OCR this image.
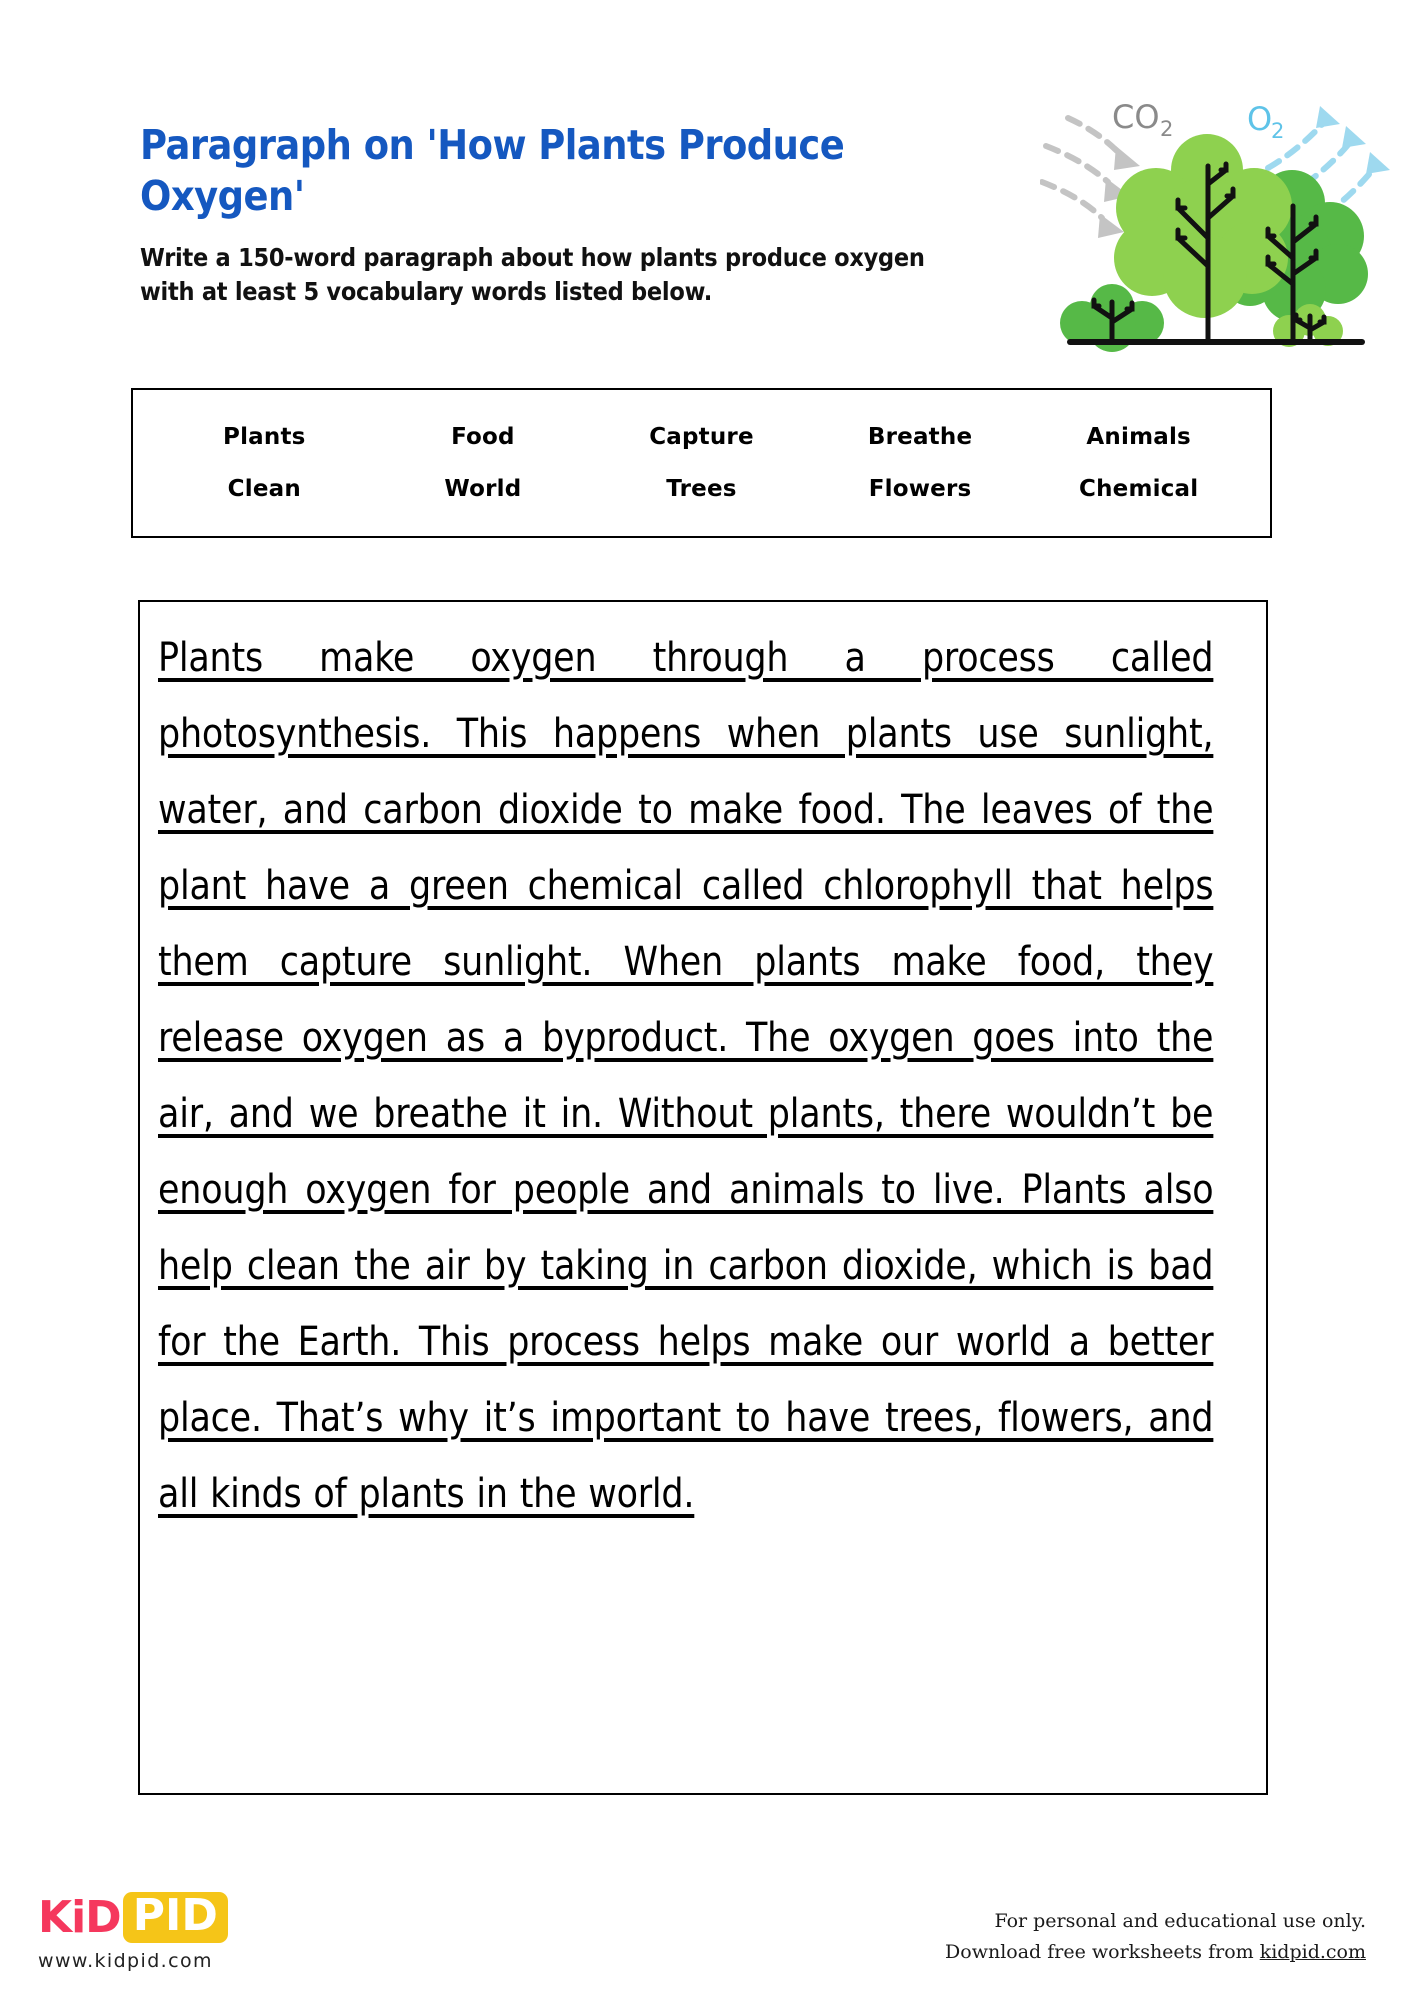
Paragraph on 'How Plants Produce Oxygen'
Write a 150-word paragraph about how plants produce oxygen with at least 5 vocabulary words listed below.
CO 2 O
2
Plants	Food	Capture	Breathe	Animals
Clean	World	Trees	Flowers	Chemical
Plants make oxygen through a process called photosynthesis. This happens when plants use sunlight, water, and carbon dioxide to make food. The leaves of the plant have a green chemical called chlorophyll that helps them capture sunlight. When plants make food, they release oxygen as a byproduct. The oxygen goes into the air, and we breathe it in. Without plants, there wouldn’t be enough oxygen for people and animals to live. Plants also help clean the air by taking in carbon dioxide, which is bad for the Earth. This process helps make our world a better place. That’s why it’s important to have trees, flowers, and all kinds of plants in the world.
KiD PID
www.kidpid.com
For personal and educational use only.
Download free worksheets from kidpid.com
